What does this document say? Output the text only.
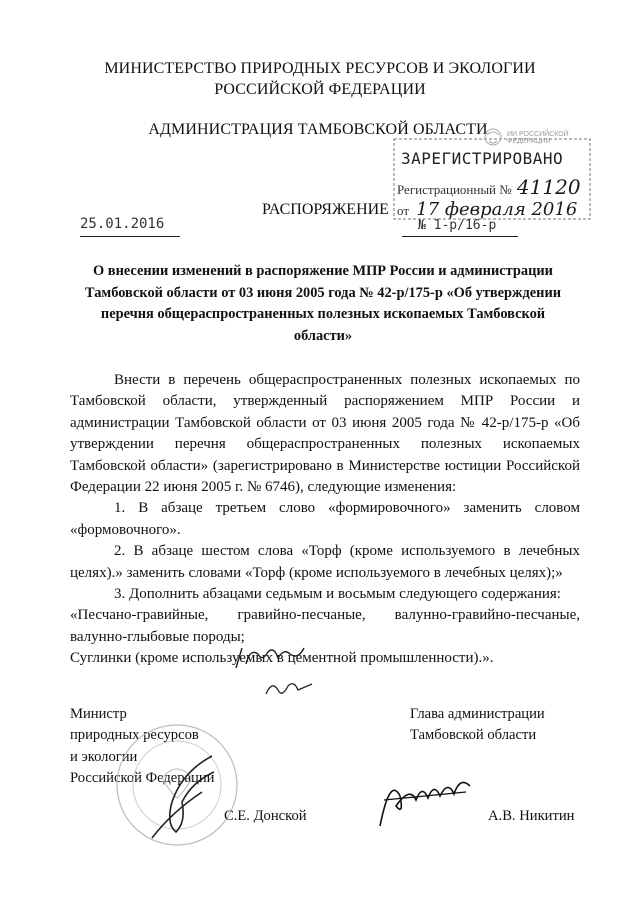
МИНИСТЕРСТВО ПРИРОДНЫХ РЕСУРСОВ И ЭКОЛОГИИ
РОССИЙСКОЙ ФЕДЕРАЦИИ
АДМИНИСТРАЦИЯ ТАМБОВСКОЙ ОБЛАСТИ	ИИ РОССИЙСКОЙ ФЕДЕРАЦИИ
ЗАРЕГИСТРИРОВАНО
Регистрационный № 41120
от 17 февраля 2016
РАСПОРЯЖЕНИЕ
25.01.2016	№ 1-р/16-р
О внесении изменений в распоряжение МПР России и администрации
Тамбовской области от 03 июня 2005 года № 42-р/175-р «Об утверждении
перечня общераспространенных полезных ископаемых Тамбовской
области»

Внести в перечень общераспространенных полезных ископаемых по Тамбовской области, утвержденный распоряжением МПР России и администрации Тамбовской области от 03 июня 2005 года № 42-р/175-р «Об утверждении перечня общераспространенных полезных ископаемых Тамбовской области» (зарегистрировано в Министерстве юстиции Российской Федерации 22 июня 2005 г. № 6746), следующие изменения:

1. В абзаце третьем слово «формировочного» заменить словом «формовочного».

2. В абзаце шестом слова «Торф (кроме используемого в лечебных целях).» заменить словами «Торф (кроме используемого в лечебных целях);»

3. Дополнить абзацами седьмым и восьмым следующего содержания:

«Песчано-гравийные, гравийно-песчаные, валунно-гравийно-песчаные, валунно-глыбовые породы;

Суглинки (кроме используемых в цементной промышленности).».

Министр
природных ресурсов
и экологии
Российской Федерации
С.Е. Донской
Глава администрации
Тамбовской области
А.В. Никитин
